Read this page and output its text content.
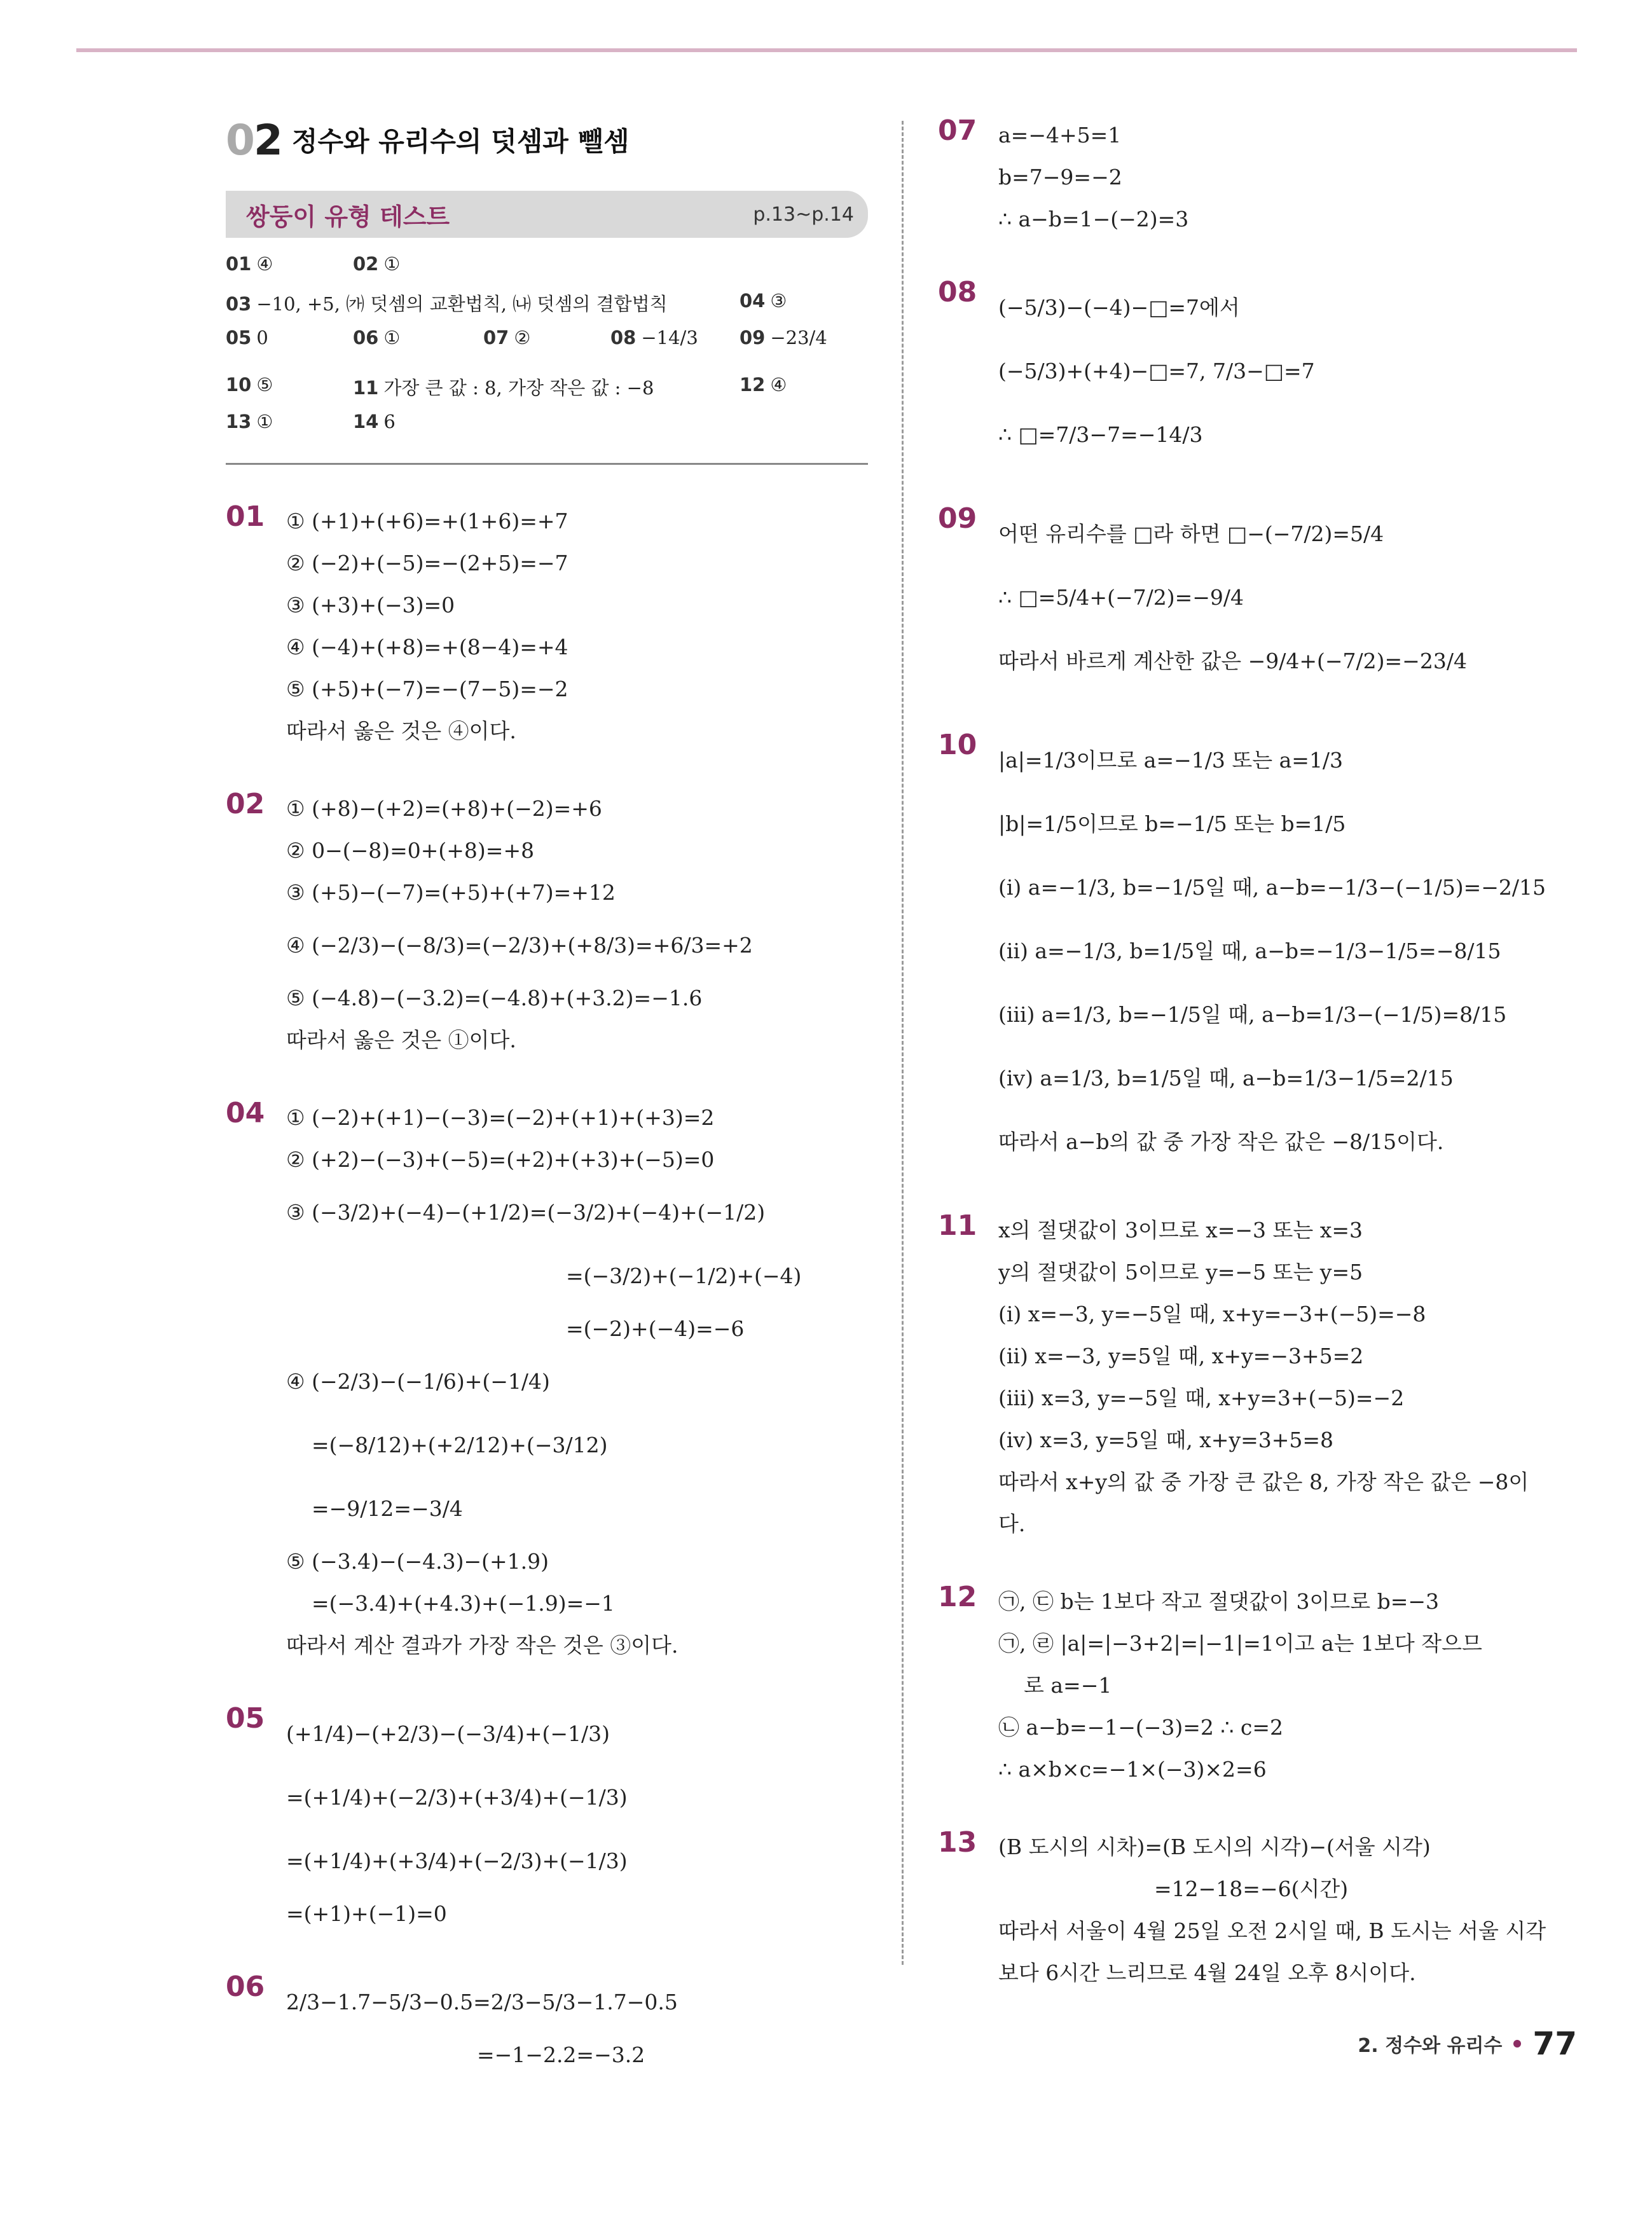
02 정수와 유리수의 덧셈과 뺄셈
쌍둥이 유형 테스트	p.13~p.14
01 ④	02 ①
03 −10, +5, ㈎ 덧셈의 교환법칙, ㈏ 덧셈의 결합법칙	04 ③
05 0	06 ①	07 ②	08 −14/3 09 −23/4
10 ⑤	11 가장 큰 값 : 8, 가장 작은 값 : −8	12 ④
13 ①	14 6
01 ① (+1)+(+6)=+(1+6)=+7
② (−2)+(−5)=−(2+5)=−7
③ (+3)+(−3)=0
④ (−4)+(+8)=+(8−4)=+4
⑤ (+5)+(−7)=−(7−5)=−2
따라서 옳은 것은 ④이다.
02 ① (+8)−(+2)=(+8)+(−2)=+6
② 0−(−8)=0+(+8)=+8
③ (+5)−(−7)=(+5)+(+7)=+12
④ (−2/3)−(−8/3)=(−2/3)+(+8/3)=+6/3=+2
⑤ (−4.8)−(−3.2)=(−4.8)+(+3.2)=−1.6
따라서 옳은 것은 ①이다.
04 ① (−2)+(+1)−(−3)=(−2)+(+1)+(+3)=2
② (+2)−(−3)+(−5)=(+2)+(+3)+(−5)=0
③ (−3/2)+(−4)−(+1/2)=(−3/2)+(−4)+(−1/2)
=(−3/2)+(−1/2)+(−4)
=(−2)+(−4)=−6
④ (−2/3)−(−1/6)+(−1/4)
=(−8/12)+(+2/12)+(−3/12)
=−9/12=−3/4
⑤ (−3.4)−(−4.3)−(+1.9)
=(−3.4)+(+4.3)+(−1.9)=−1
따라서 계산 결과가 가장 작은 것은 ③이다.
05 (+1/4)−(+2/3)−(−3/4)+(−1/3)
=(+1/4)+(−2/3)+(+3/4)+(−1/3)
=(+1/4)+(+3/4)+(−2/3)+(−1/3)
=(+1)+(−1)=0
06 2/3−1.7−5/3−0.5=2/3−5/3−1.7−0.5
=−1−2.2=−3.2
07 a=−4+5=1
b=7−9=−2
∴ a−b=1−(−2)=3
08 (−5/3)−(−4)−□=7에서
(−5/3)+(+4)−□=7, 7/3−□=7
∴ □=7/3−7=−14/3
09 어떤 유리수를 □라 하면 □−(−7/2)=5/4
∴ □=5/4+(−7/2)=−9/4
따라서 바르게 계산한 값은 −9/4+(−7/2)=−23/4
10 |a|=1/3이므로 a=−1/3 또는 a=1/3
|b|=1/5이므로 b=−1/5 또는 b=1/5
(ⅰ) a=−1/3, b=−1/5일 때, a−b=−1/3−(−1/5)=−2/15
(ⅱ) a=−1/3, b=1/5일 때, a−b=−1/3−1/5=−8/15
(ⅲ) a=1/3, b=−1/5일 때, a−b=1/3−(−1/5)=8/15
(ⅳ) a=1/3, b=1/5일 때, a−b=1/3−1/5=2/15
따라서 a−b의 값 중 가장 작은 값은 −8/15이다.
11 x의 절댓값이 3이므로 x=−3 또는 x=3
y의 절댓값이 5이므로 y=−5 또는 y=5
(ⅰ) x=−3, y=−5일 때, x+y=−3+(−5)=−8
(ⅱ) x=−3, y=5일 때, x+y=−3+5=2
(ⅲ) x=3, y=−5일 때, x+y=3+(−5)=−2
(ⅳ) x=3, y=5일 때, x+y=3+5=8
따라서 x+y의 값 중 가장 큰 값은 8, 가장 작은 값은 −8이
다.
12 ㉠, ㉢ b는 1보다 작고 절댓값이 3이므로 b=−3
㉠, ㉣ |a|=|−3+2|=|−1|=1이고 a는 1보다 작으므
로 a=−1
㉡ a−b=−1−(−3)=2 ∴ c=2
∴ a×b×c=−1×(−3)×2=6
13 (B 도시의 시차)=(B 도시의 시각)−(서울 시각)
=12−18=−6(시간)
따라서 서울이 4월 25일 오전 2시일 때, B 도시는 서울 시각
보다 6시간 느리므로 4월 24일 오후 8시이다.
2. 정수와 유리수 77
